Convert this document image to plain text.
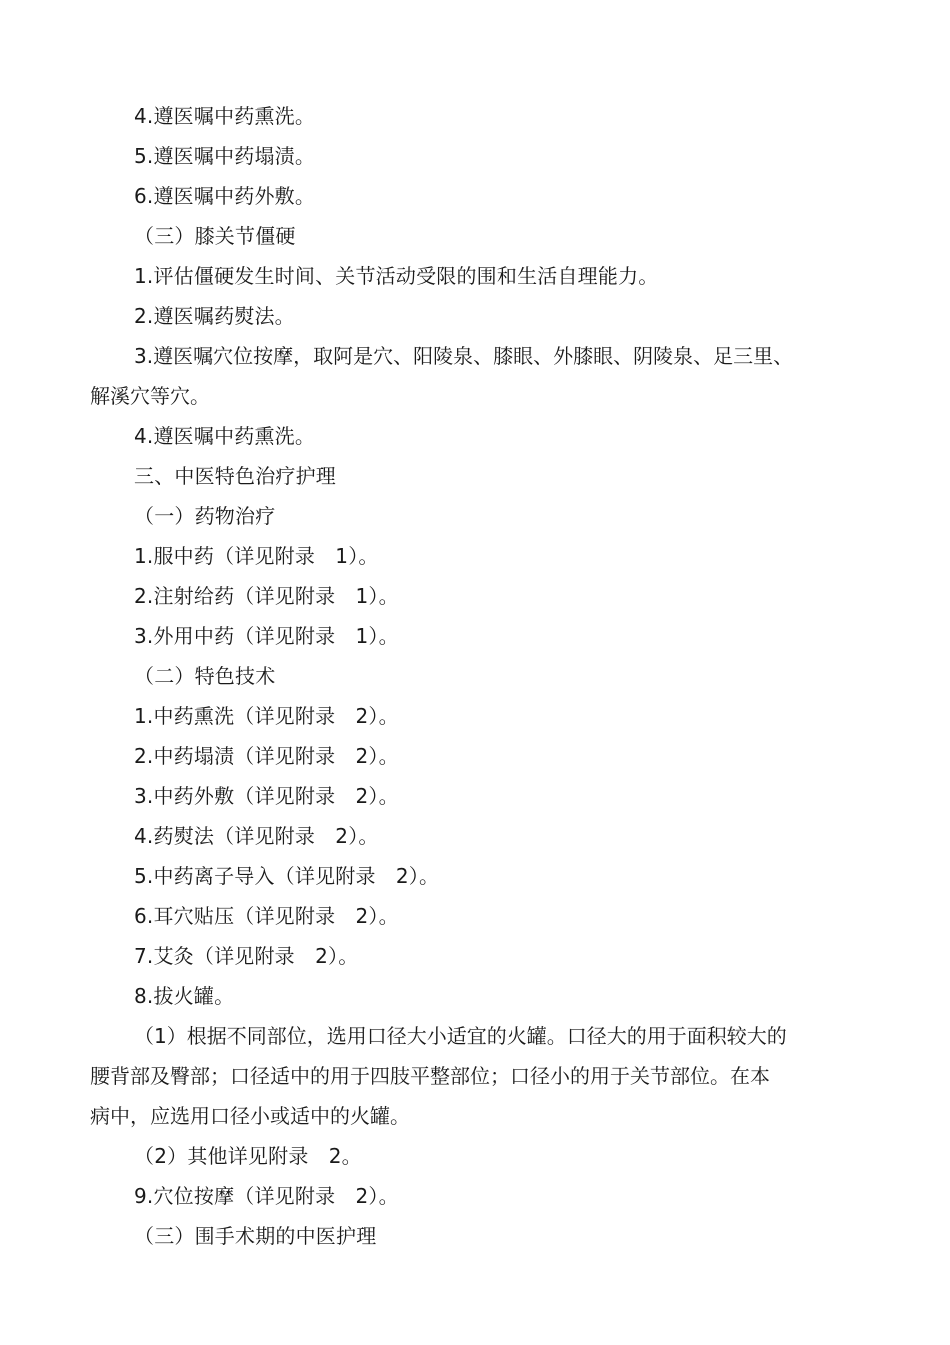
4.遵医嘱中药熏洗。
5.遵医嘱中药塌渍。
6.遵医嘱中药外敷。
（三）膝关节僵硬
1.评估僵硬发生时间、关节活动受限的围和生活自理能力。
2.遵医嘱药熨法。
3.遵医嘱穴位按摩，取阿是穴、阳陵泉、膝眼、外膝眼、阴陵泉、足三里、
解溪穴等穴。
4.遵医嘱中药熏洗。
三、中医特色治疗护理
（一）药物治疗
1.服中药（详见附录　1）。
2.注射给药（详见附录　1）。
3.外用中药（详见附录　1）。
（二）特色技术
1.中药熏洗（详见附录　2）。
2.中药塌渍（详见附录　2）。
3.中药外敷（详见附录　2）。
4.药熨法（详见附录　2）。
5.中药离子导入（详见附录　2）。
6.耳穴贴压（详见附录　2）。
7.艾灸（详见附录　2）。
8.拔火罐。
（1）根据不同部位，选用口径大小适宜的火罐。口径大的用于面积较大的
腰背部及臀部；口径适中的用于四肢平整部位；口径小的用于关节部位。在本
病中，应选用口径小或适中的火罐。
（2）其他详见附录　2。
9.穴位按摩（详见附录　2）。
（三）围手术期的中医护理
